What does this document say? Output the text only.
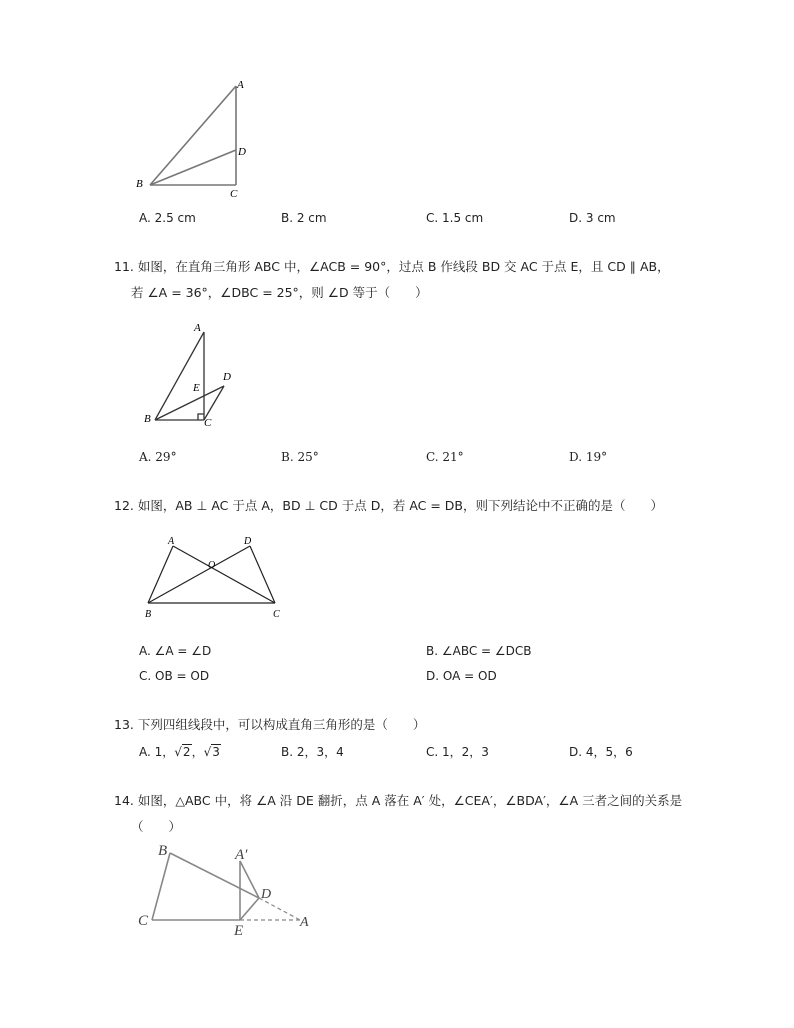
A
D
B
C
A. 2.5 cm	B. 2 cm	C. 1.5 cm	D. 3 cm
11. 如图，在直角三角形 ABC 中，∠ACB = 90°，过点 B 作线段 BD 交 AC 于点 E，且 CD ∥ AB，
若 ∠A = 36°，∠DBC = 25°，则 ∠D 等于（　　）
A
E
D
B	C
A. 29°	B. 25°	C. 21°	D. 19°
12. 如图，AB ⊥ AC 于点 A，BD ⊥ CD 于点 D，若 AC = DB，则下列结论中不正确的是（　　）
A	D
O
B	C
A. ∠A = ∠D	B. ∠ABC = ∠DCB
C. OB = OD	D. OA = OD
13. 下列四组线段中，可以构成直角三角形的是（　　）
A. 1，√2，√3	B. 2，3，4	C. 1，2，3	D. 4，5，6
14. 如图，△ABC 中，将 ∠A 沿 DE 翻折，点 A 落在 A′ 处，∠CEA′，∠BDA′，∠A 三者之间的关系是
（　　）
B	A′
D
C
E
A
